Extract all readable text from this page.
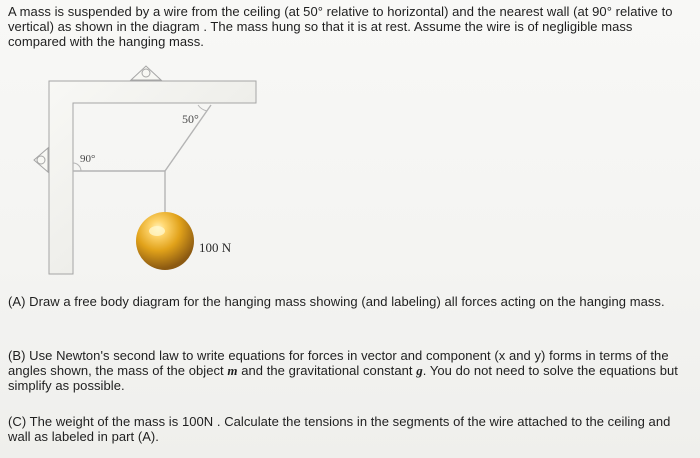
A mass is suspended by a wire from the ceiling (at 50° relative to horizontal) and the nearest wall (at 90° relative to vertical) as shown in the diagram . The mass hung so that it is at rest. Assume the wire is of negligible mass compared with the hanging mass.

50°
90°
100 N

(A) Draw a free body diagram for the hanging mass showing (and labeling) all forces acting on the hanging mass.

(B) Use Newton's second law to write equations for forces in vector and component (x and y) forms in terms of the angles shown, the mass of the object m and the gravitational constant g. You do not need to solve the equations but simplify as possible.

(C) The weight of the mass is 100N . Calculate the tensions in the segments of the wire attached to the ceiling and wall as labeled in part (A).
